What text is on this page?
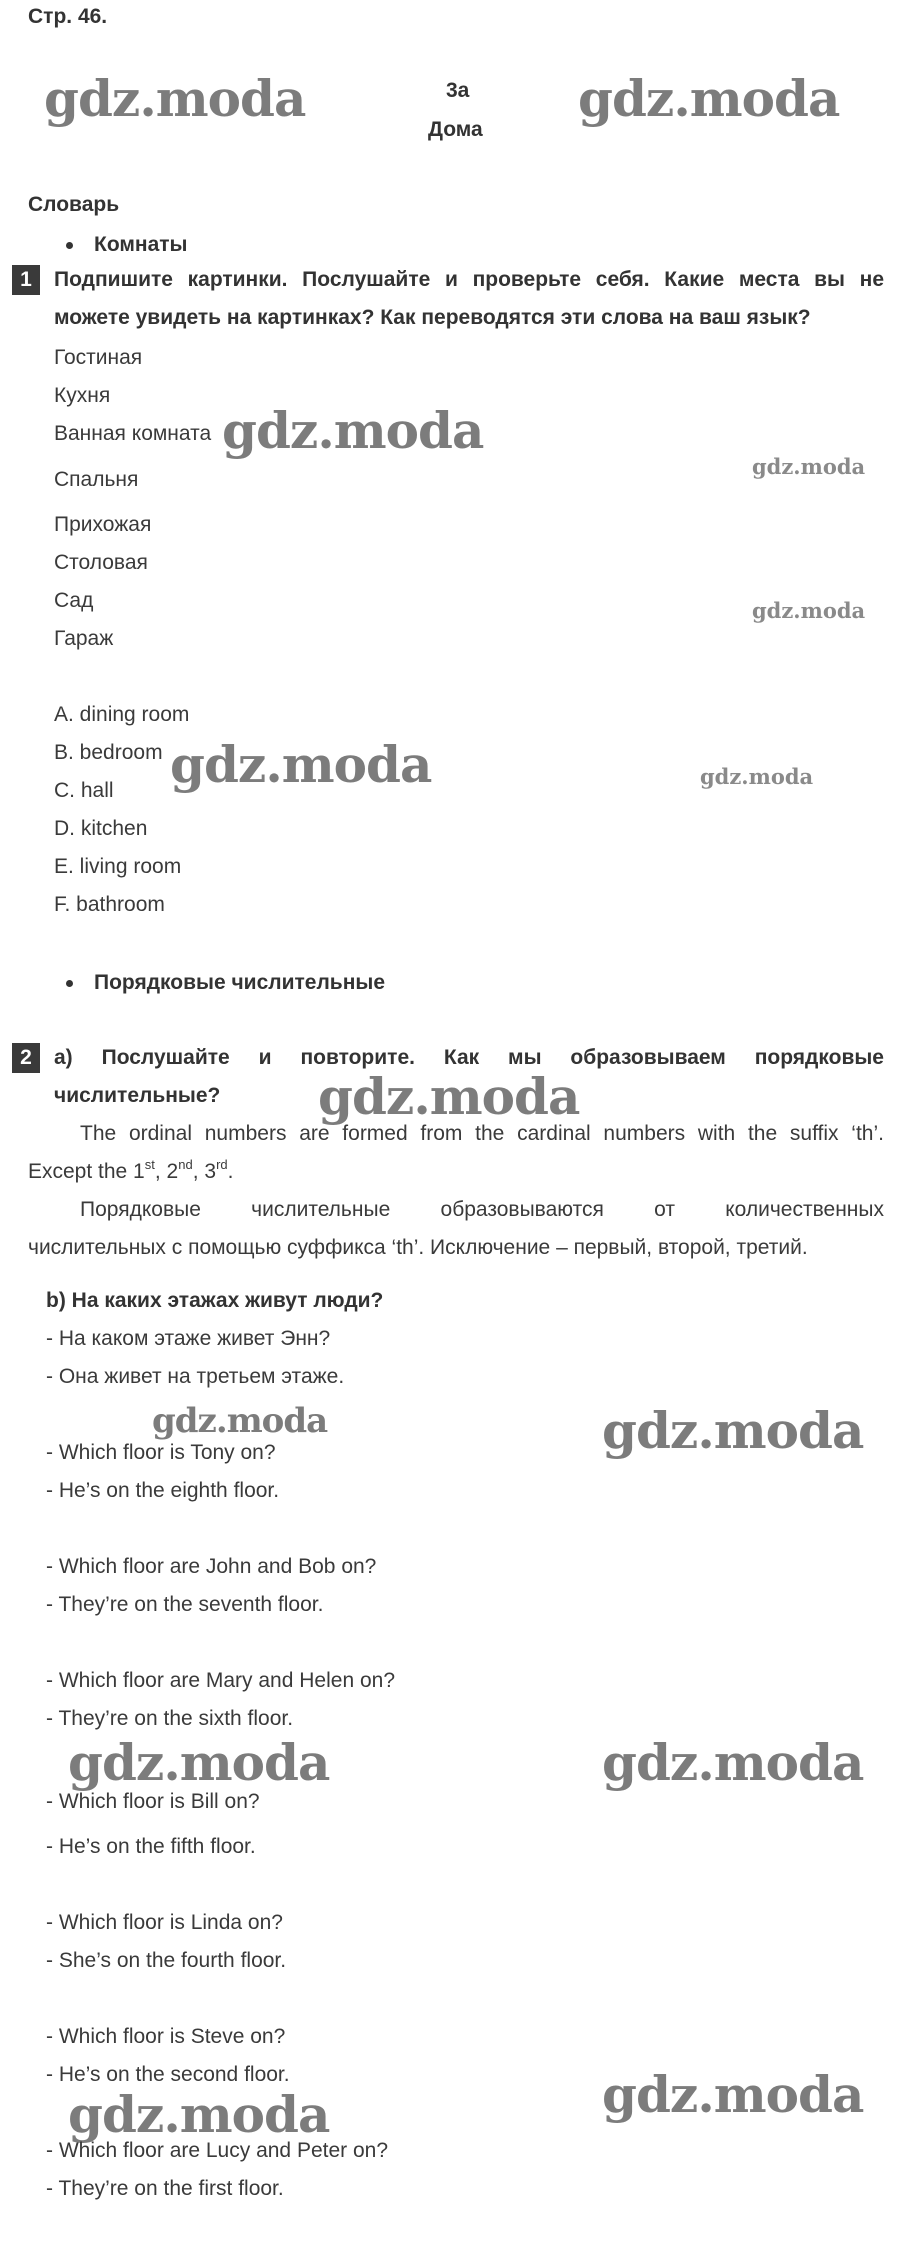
Стр. 46.
3a
Дома
gdz.moda	gdz.moda
gdz.moda
gdz.moda
gdz.moda
gdz.moda	gdz.moda
gdz.moda
gdz.moda	gdz.moda
gdz.moda	gdz.moda
gdz.moda
gdz.moda
Словарь
Комнаты
1	Подпишите картинки. Послушайте и проверьте себя. Какие места вы не
можете увидеть на картинках? Как переводятся эти слова на ваш язык?
Гостиная
Кухня
Ванная комната
Спальня
Прихожая
Столовая
Сад
Гараж
A. dining room
B. bedroom
C. hall
D. kitchen
E. living room
F. bathroom
Порядковые числительные
2	a) Послушайте и повторите. Как мы образовываем порядковые
числительные?
The ordinal numbers are formed from the cardinal numbers with the suffix ‘th’.
Except the 1st, 2nd, 3rd.
Порядковые числительные образовываются от количественных
числительных с помощью суффикса ‘th’. Исключение – первый, второй, третий.
b) На каких этажах живут люди?
- На каком этаже живет Энн?
- Она живет на третьем этаже.
- Which floor is Tony on?
- He’s on the eighth floor.
- Which floor are John and Bob on?
- They’re on the seventh floor.
- Which floor are Mary and Helen on?
- They’re on the sixth floor.
- Which floor is Bill on?
- He’s on the fifth floor.
- Which floor is Linda on?
- She’s on the fourth floor.
- Which floor is Steve on?
- He’s on the second floor.
- Which floor are Lucy and Peter on?
- They’re on the first floor.
